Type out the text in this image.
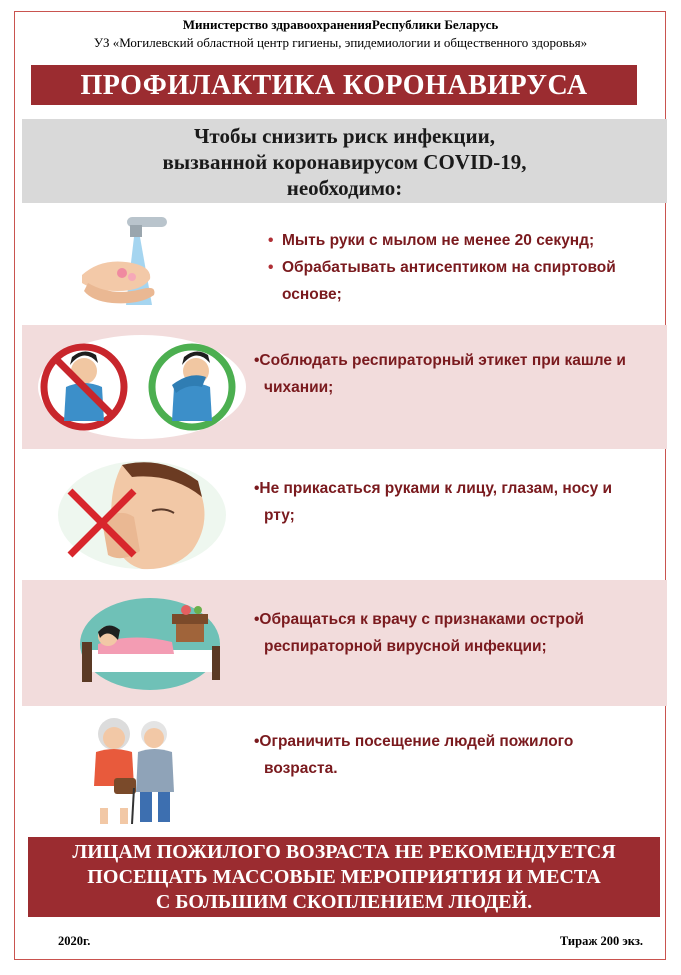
Министерство здравоохраненияРеспублики Беларусь
УЗ «Могилевский областной центр гигиены, эпидемиологии и общественного здоровья»
ПРОФИЛАКТИКА КОРОНАВИРУСА
Чтобы снизить риск инфекции,
вызванной коронавирусом COVID-19,
необходимо:
• Мыть руки с мылом не менее 20 секунд;
• Обрабатывать антисептиком на спиртовой основе;
•Соблюдать респираторный этикет при кашле и
чихании;
•Не прикасаться руками к лицу, глазам, носу и
рту;
•Обращаться к врачу с признаками острой
респираторной вирусной инфекции;
•Ограничить посещение людей пожилого
возраста.
ЛИЦАМ ПОЖИЛОГО ВОЗРАСТА НЕ РЕКОМЕНДУЕТСЯ
ПОСЕЩАТЬ МАССОВЫЕ МЕРОПРИЯТИЯ И МЕСТА
С БОЛЬШИМ СКОПЛЕНИЕМ ЛЮДЕЙ.
2020г.	Тираж 200 экз.
